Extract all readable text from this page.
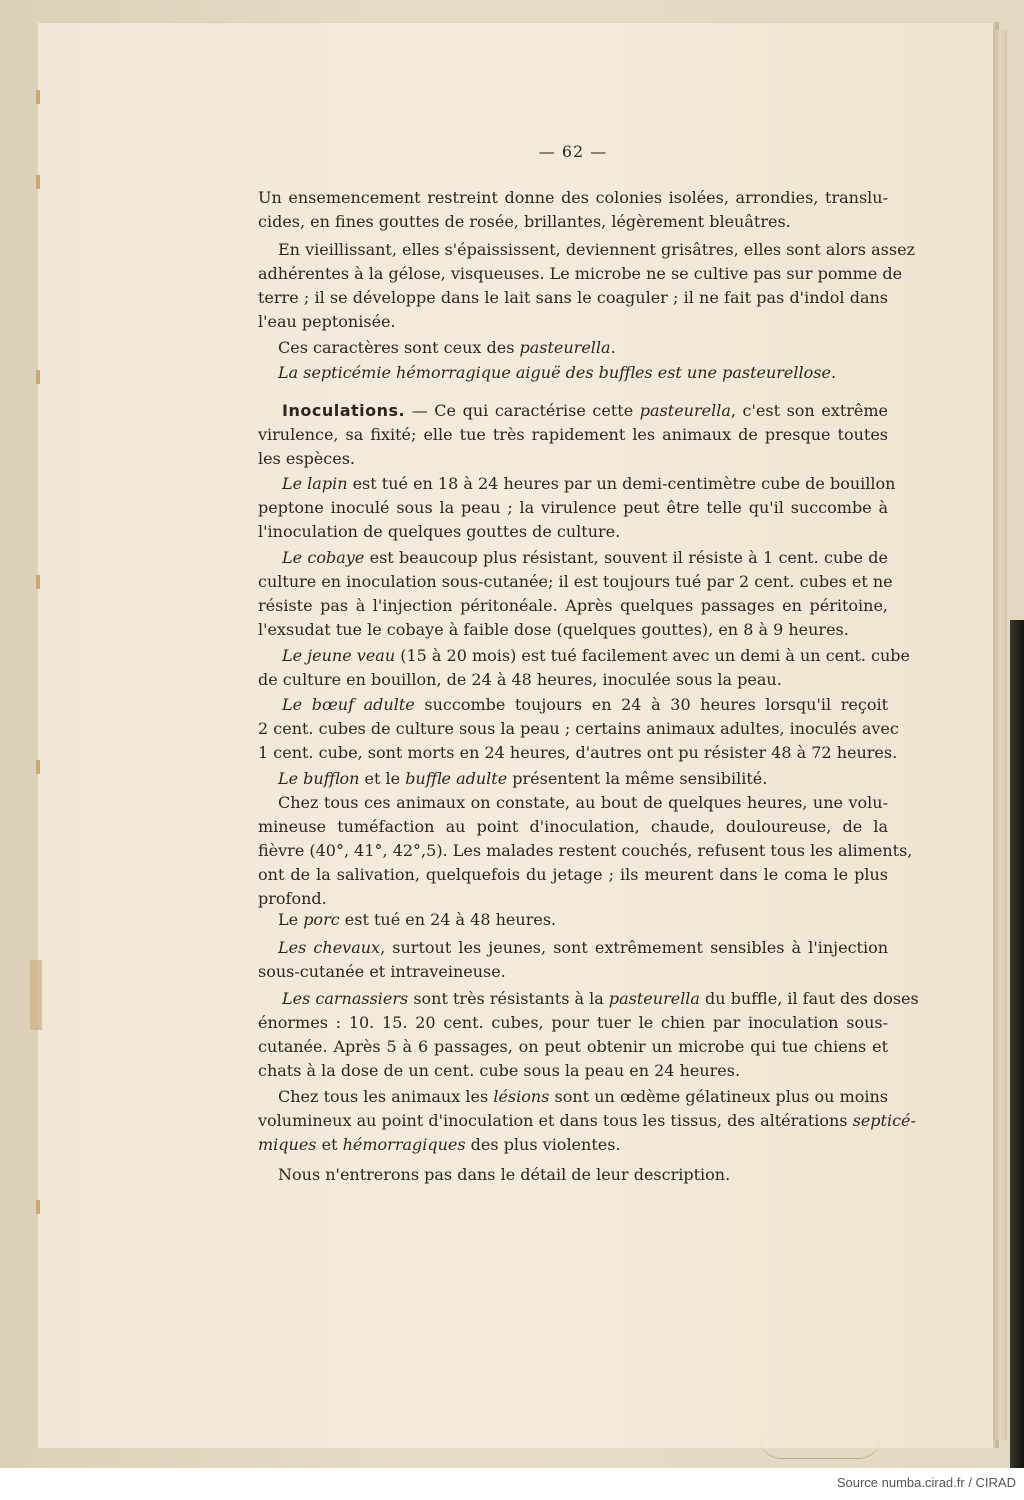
— 62 —
Un ensemencement restreint donne des colonies isolées, arrondies, translu-
cides, en fines gouttes de rosée, brillantes, légèrement bleuâtres.
En vieillissant, elles s'épaississent, deviennent grisâtres, elles sont alors assez
adhérentes à la gélose, visqueuses. Le microbe ne se cultive pas sur pomme de
terre ; il se développe dans le lait sans le coaguler ; il ne fait pas d'indol dans
l'eau peptonisée.
Ces caractères sont ceux des pasteurella.
La septicémie hémorragique aiguë des buffles est une pasteurellose.
Inoculations. — Ce qui caractérise cette pasteurella, c'est son extrême
virulence, sa fixité; elle tue très rapidement les animaux de presque toutes
les espèces.
Le lapin est tué en 18 à 24 heures par un demi-centimètre cube de bouillon
peptone inoculé sous la peau ; la virulence peut être telle qu'il succombe à
l'inoculation de quelques gouttes de culture.
Le cobaye est beaucoup plus résistant, souvent il résiste à 1 cent. cube de
culture en inoculation sous-cutanée; il est toujours tué par 2 cent. cubes et ne
résiste pas à l'injection péritonéale. Après quelques passages en péritoine,
l'exsudat tue le cobaye à faible dose (quelques gouttes), en 8 à 9 heures.
Le jeune veau (15 à 20 mois) est tué facilement avec un demi à un cent. cube
de culture en bouillon, de 24 à 48 heures, inoculée sous la peau.
Le bœuf adulte succombe toujours en 24 à 30 heures lorsqu'il reçoit
2 cent. cubes de culture sous la peau ; certains animaux adultes, inoculés avec
1 cent. cube, sont morts en 24 heures, d'autres ont pu résister 48 à 72 heures.
Le bufflon et le buffle adulte présentent la même sensibilité.
Chez tous ces animaux on constate, au bout de quelques heures, une volu-
mineuse tuméfaction au point d'inoculation, chaude, douloureuse, de la
fièvre (40°, 41°, 42°,5). Les malades restent couchés, refusent tous les aliments,
ont de la salivation, quelquefois du jetage ; ils meurent dans le coma le plus
profond.
Le porc est tué en 24 à 48 heures.
Les chevaux, surtout les jeunes, sont extrêmement sensibles à l'injection
sous-cutanée et intraveineuse.
Les carnassiers sont très résistants à la pasteurella du buffle, il faut des doses
énormes : 10. 15. 20 cent. cubes, pour tuer le chien par inoculation sous-
cutanée. Après 5 à 6 passages, on peut obtenir un microbe qui tue chiens et
chats à la dose de un cent. cube sous la peau en 24 heures.
Chez tous les animaux les lésions sont un œdème gélatineux plus ou moins
volumineux au point d'inoculation et dans tous les tissus, des altérations septicé-
miques et hémorragiques des plus violentes.
Nous n'entrerons pas dans le détail de leur description.
Source numba.cirad.fr / CIRAD
